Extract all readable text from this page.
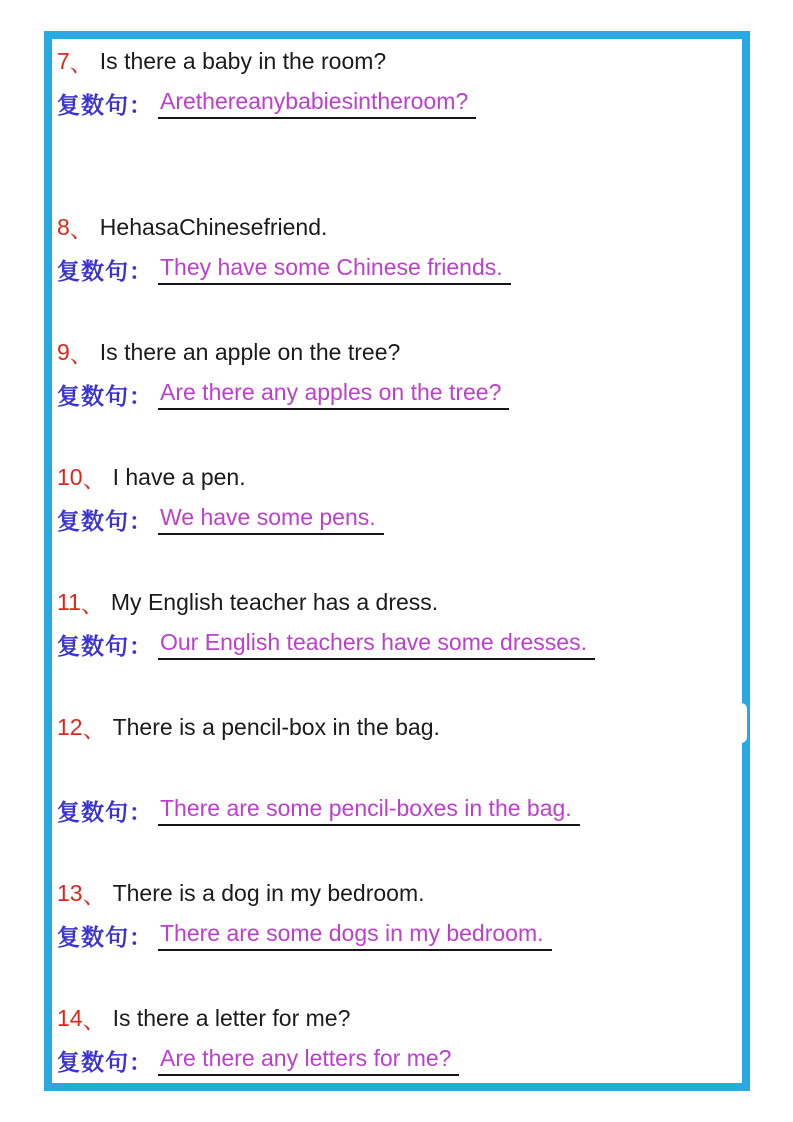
7 、 Is there a baby in the room?
复数句： Arethereanybabiesintheroom?
8 、 HehasaChinesefriend.
复数句： They have some Chinese friends.
9 、 Is there an apple on the tree?
复数句： Are there any apples on the tree?
10 、 I have a pen.
复数句： We have some pens.
11 、 My English teacher has a dress.
复数句： Our English teachers have some dresses.
12 、 There is a pencil-box in the bag.
复数句： There are some pencil-boxes in the bag.
13 、 There is a dog in my bedroom.
复数句： There are some dogs in my bedroom.
14 、 Is there a letter for me?
复数句： Are there any letters for me?
